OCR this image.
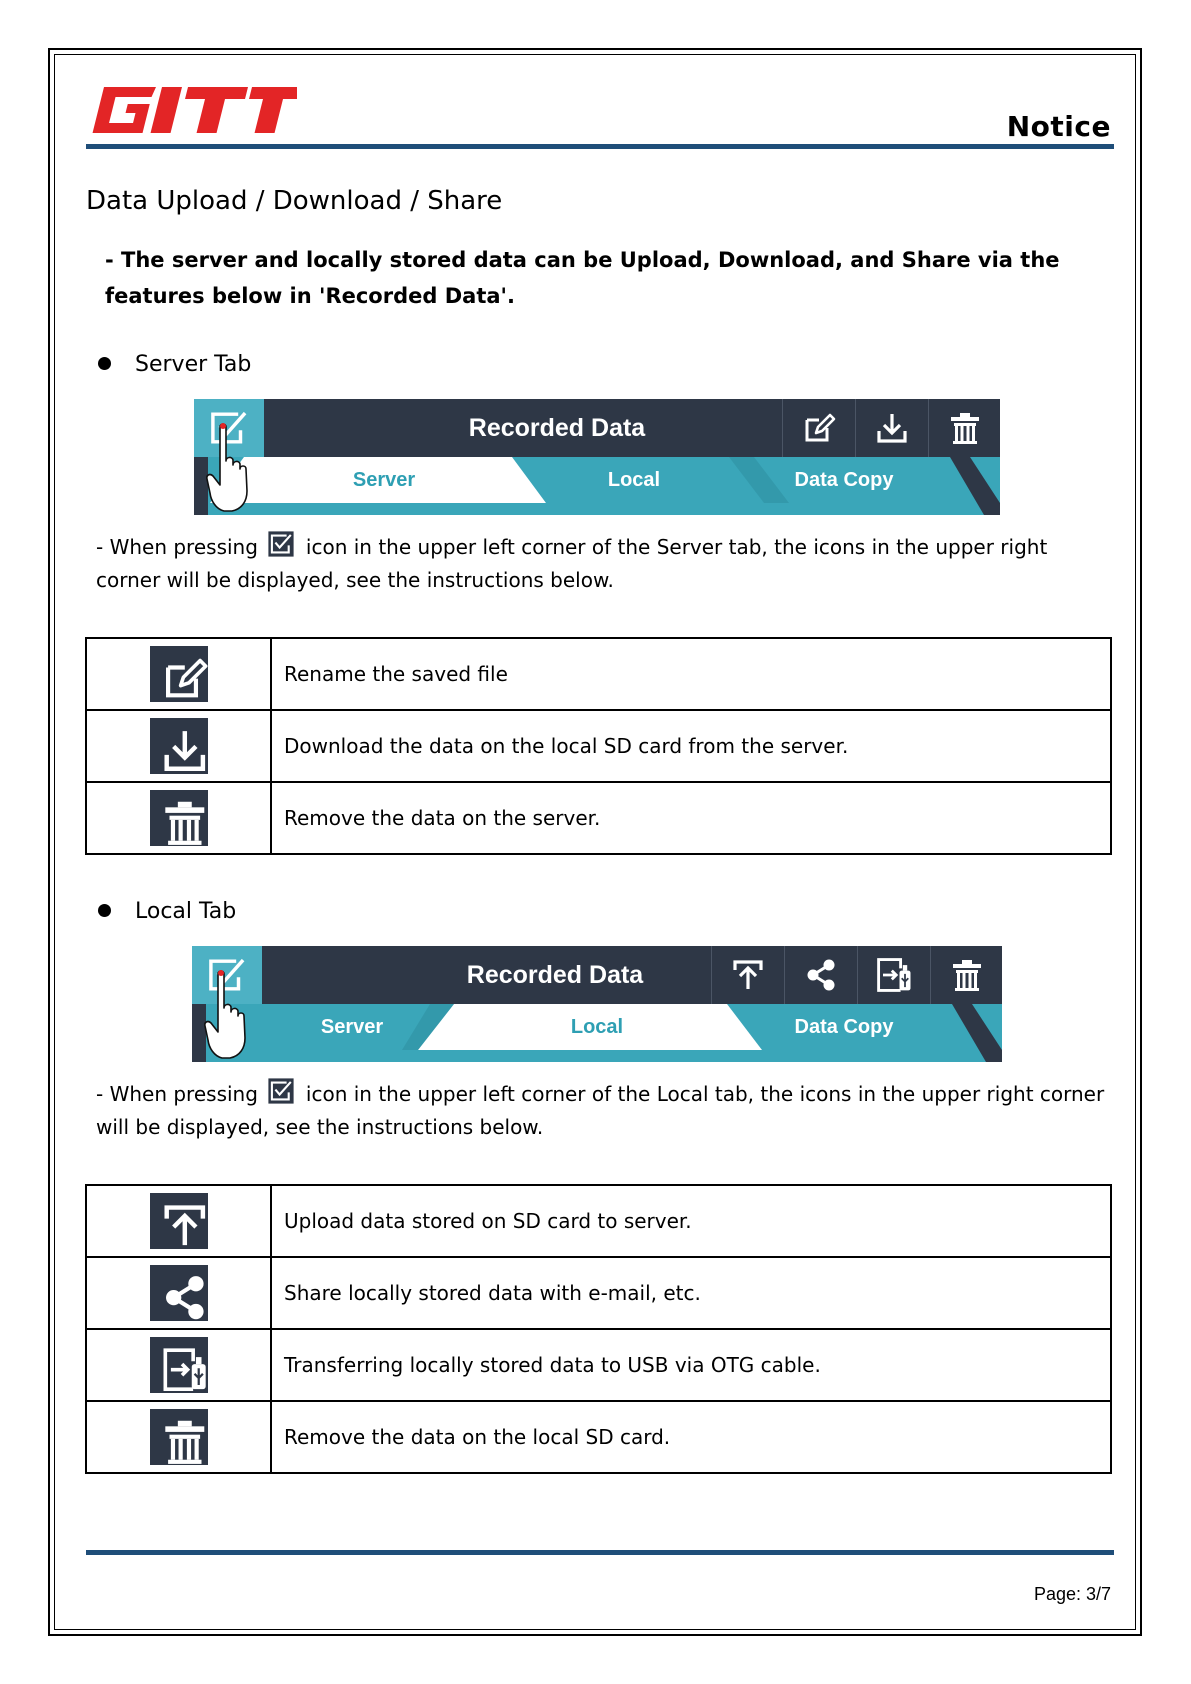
Notice
Data Upload / Download / Share
- The server and locally stored data can be Upload, Download, and Share via the features below in 'Recorded Data'.
Server Tab
Recorded Data
Server	Local	Data Copy
- When pressing icon in the upper left corner of the Server tab, the icons in the upper right corner will be displayed, see the instructions below.
	Rename the saved file

	Download the data on the local SD card from the server.

	Remove the data on the server.
Local Tab
Recorded Data
Server	Local	Data Copy
- When pressing icon in the upper left corner of the Local tab, the icons in the upper right corner will be displayed, see the instructions below.
	Upload data stored on SD card to server.

	Share locally stored data with e-mail, etc.

	Transferring locally stored data to USB via OTG cable.

	Remove the data on the local SD card.
Page: 3/7
